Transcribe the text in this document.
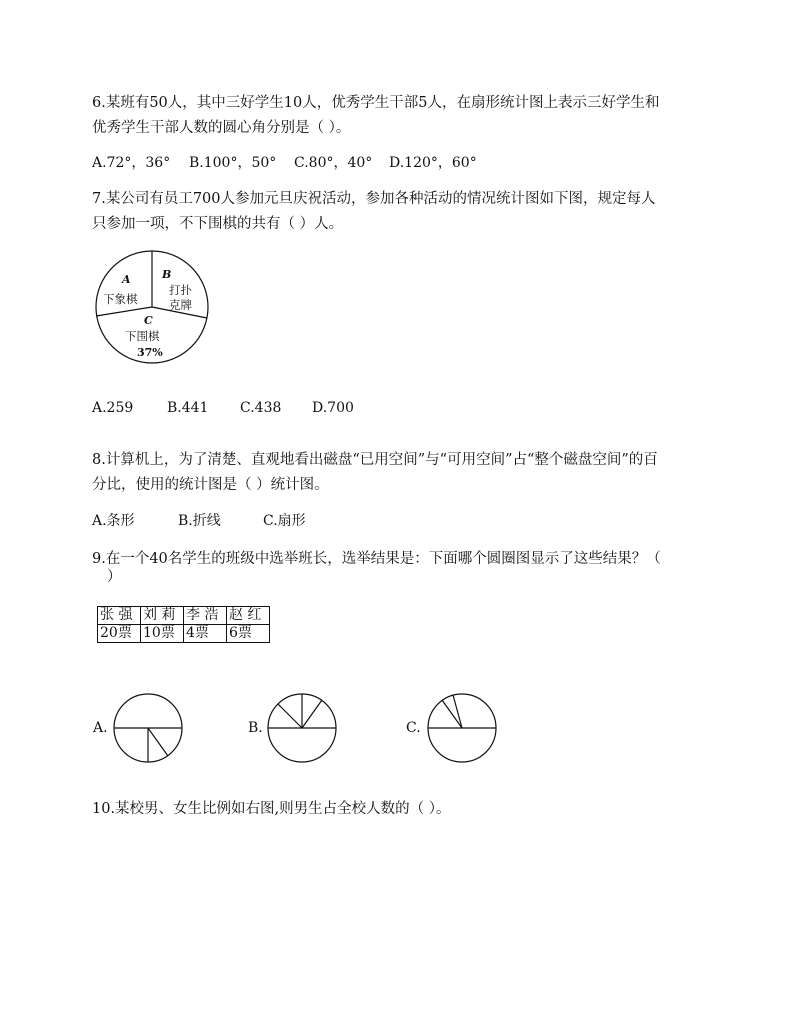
6.某班有50人，其中三好学生10人，优秀学生干部5人，在扇形统计图上表示三好学生和
优秀学生干部人数的圆心角分别是（ ）。
A.72°，36° B.100°，50° C.80°，40° D.120°，60°
7.某公司有员工700人参加元旦庆祝活动，参加各种活动的情况统计图如下图，规定每人
只参加一项，不下围棋的共有（ ）人。
A
下象棋
B
打扑
克牌
C
下围棋
37%
A.259 B.441 C.438 D.700
8.计算机上，为了清楚、直观地看出磁盘“已用空间”与“可用空间”占“整个磁盘空间”的百
分比，使用的统计图是（ ）统计图。
A.条形	B.折线	C.扇形
9.在一个40名学生的班级中选举班长，选举结果是：下面哪个圆圈图显示了这些结果？（
）
张 强	刘 莉	李 浩	赵 红
20票	10票	4票	6票
A.	B.	C.
10.某校男、女生比例如右图,则男生占全校人数的（ ）。
